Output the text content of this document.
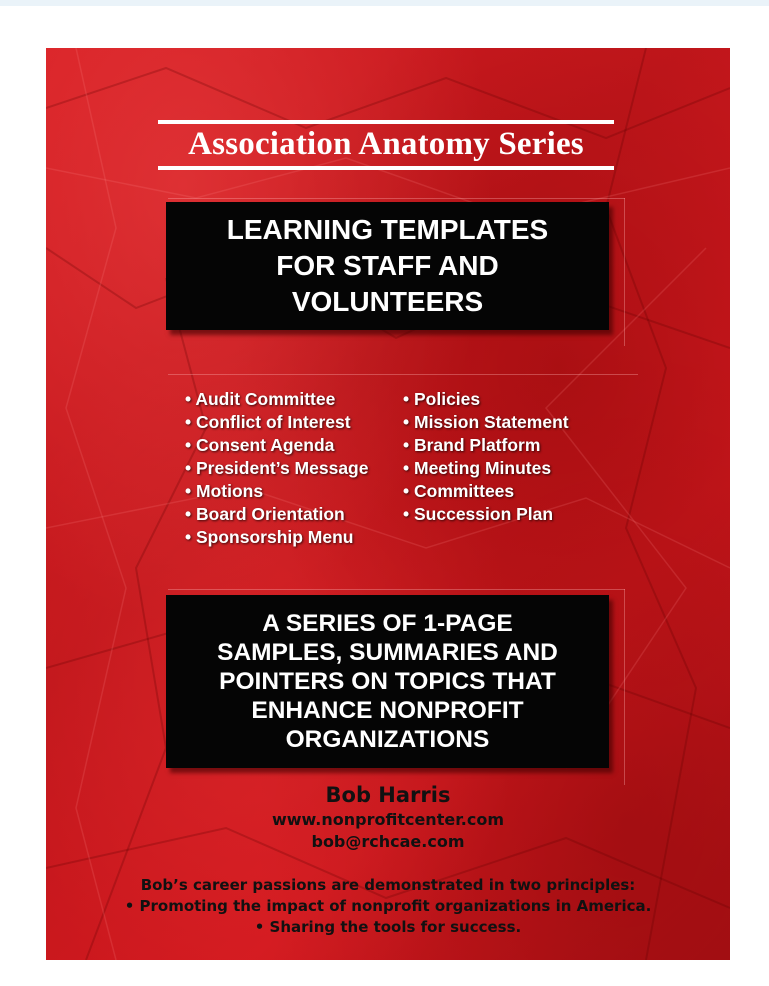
Association Anatomy Series
LEARNING TEMPLATES
FOR STAFF AND
VOLUNTEERS
• Audit Committee
• Conflict of Interest
• Consent Agenda
• President’s Message
• Motions
• Board Orientation
• Sponsorship Menu
• Policies
• Mission Statement
• Brand Platform
• Meeting Minutes
• Committees
• Succession Plan
A SERIES OF 1-PAGE
SAMPLES, SUMMARIES AND
POINTERS ON TOPICS THAT
ENHANCE NONPROFIT
ORGANIZATIONS
Bob Harris
www.nonprofitcenter.com
bob@rchcae.com
Bob’s career passions are demonstrated in two principles:
• Promoting the impact of nonprofit organizations in America.
• Sharing the tools for success.
